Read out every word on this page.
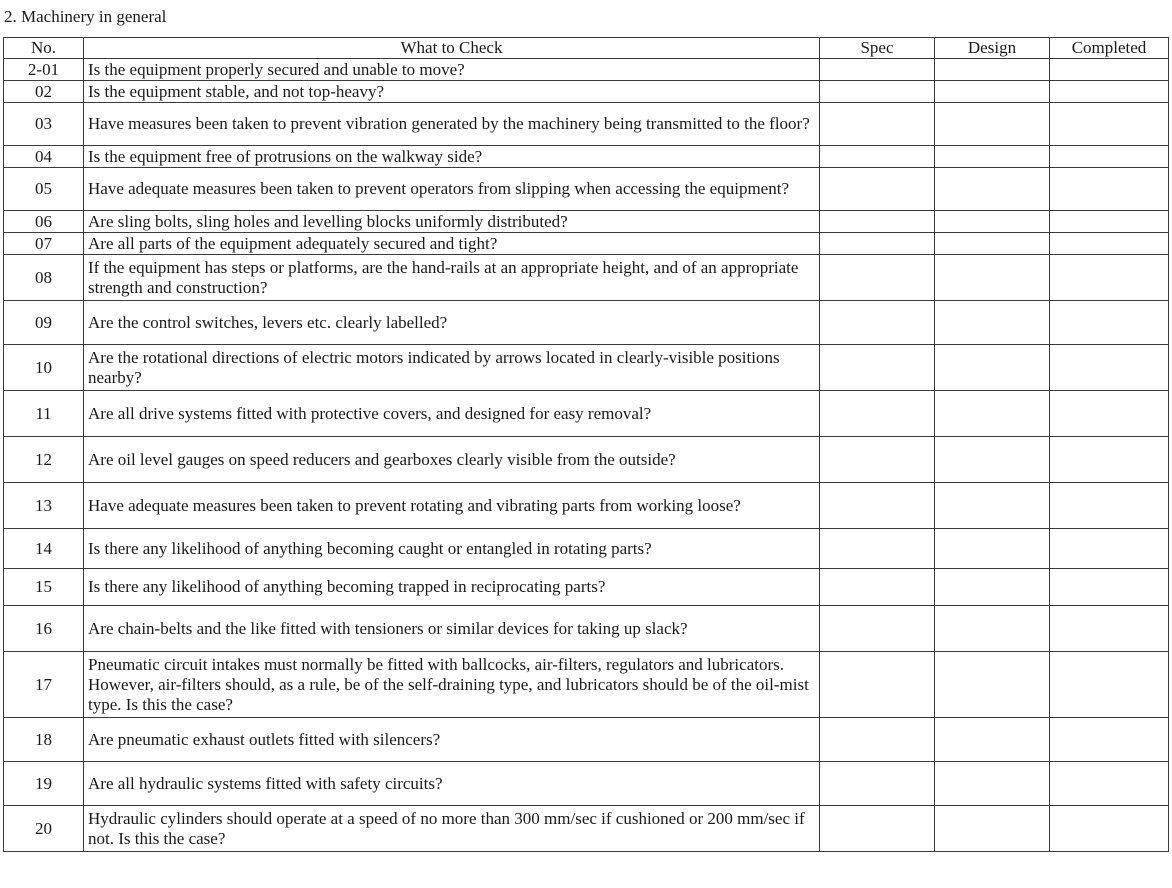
2. Machinery in general
No.	What to Check	Spec	Design	Completed
2-01	Is the equipment properly secured and unable to move?			
02	Is the equipment stable, and not top-heavy?			
03	Have measures been taken to prevent vibration generated by the machinery being transmitted to the floor?			
04	Is the equipment free of protrusions on the walkway side?			
05	Have adequate measures been taken to prevent operators from slipping when accessing the equipment?			
06	Are sling bolts, sling holes and levelling blocks uniformly distributed?			
07	Are all parts of the equipment adequately secured and tight?			
08	If the equipment has steps or platforms, are the hand-rails at an appropriate height, and of an appropriate strength and construction?			
09	Are the control switches, levers etc. clearly labelled?			
10	Are the rotational directions of electric motors indicated by arrows located in clearly-visible positions nearby?			
11	Are all drive systems fitted with protective covers, and designed for easy removal?			
12	Are oil level gauges on speed reducers and gearboxes clearly visible from the outside?			
13	Have adequate measures been taken to prevent rotating and vibrating parts from working loose?			
14	Is there any likelihood of anything becoming caught or entangled in rotating parts?			
15	Is there any likelihood of anything becoming trapped in reciprocating parts?			
16	Are chain-belts and the like fitted with tensioners or similar devices for taking up slack?			
17	Pneumatic circuit intakes must normally be fitted with ballcocks, air-filters, regulators and lubricators. However, air-filters should, as a rule, be of the self-draining type, and lubricators should be of the oil-mist type. Is this the case?			
18	Are pneumatic exhaust outlets fitted with silencers?			
19	Are all hydraulic systems fitted with safety circuits?			
20	Hydraulic cylinders should operate at a speed of no more than 300 mm/sec if cushioned or 200 mm/sec if not. Is this the case?			
